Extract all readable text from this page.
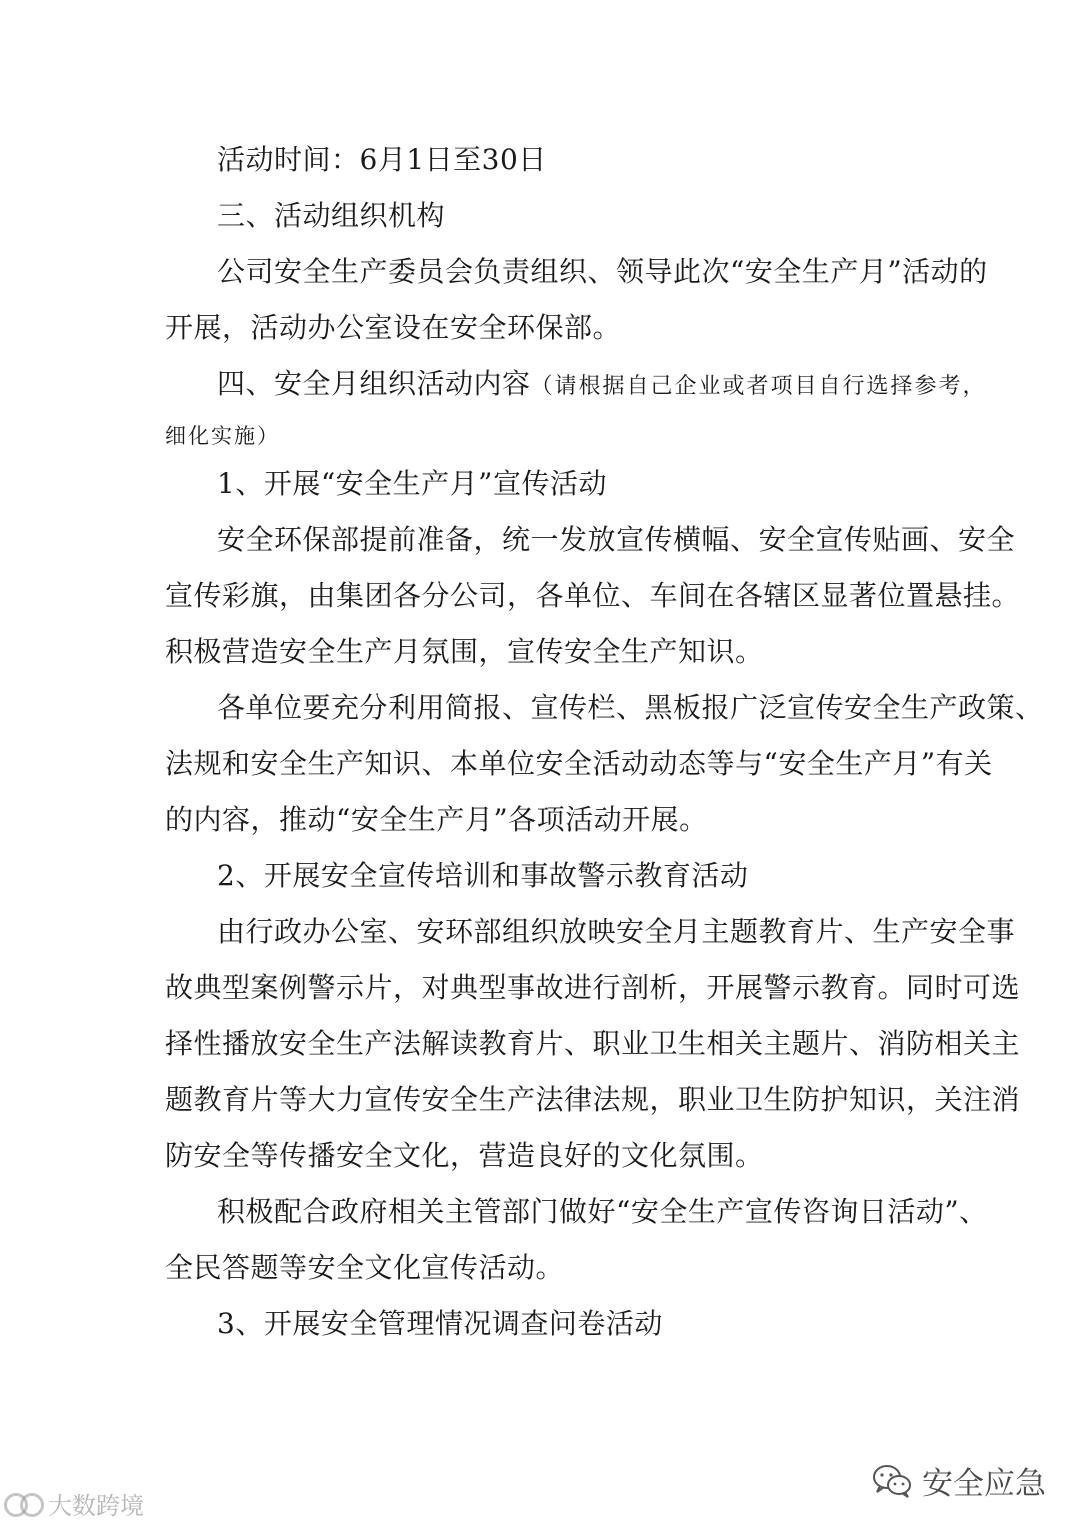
活动时间：6月1日至30日
三、活动组织机构
公司安全生产委员会负责组织、领导此次“安全生产月”活动的
开展，活动办公室设在安全环保部。
四、安全月组织活动内容（请根据自己企业或者项目自行选择参考，
细化实施）
1、开展“安全生产月”宣传活动
安全环保部提前准备，统一发放宣传横幅、安全宣传贴画、安全
宣传彩旗，由集团各分公司，各单位、车间在各辖区显著位置悬挂。
积极营造安全生产月氛围，宣传安全生产知识。
各单位要充分利用简报、宣传栏、黑板报广泛宣传安全生产政策、
法规和安全生产知识、本单位安全活动动态等与“安全生产月”有关
的内容，推动“安全生产月”各项活动开展。
2、开展安全宣传培训和事故警示教育活动
由行政办公室、安环部组织放映安全月主题教育片、生产安全事
故典型案例警示片，对典型事故进行剖析，开展警示教育。同时可选
择性播放安全生产法解读教育片、职业卫生相关主题片、消防相关主
题教育片等大力宣传安全生产法律法规，职业卫生防护知识，关注消
防安全等传播安全文化，营造良好的文化氛围。
积极配合政府相关主管部门做好“安全生产宣传咨询日活动”、
全民答题等安全文化宣传活动。
3、开展安全管理情况调查问卷活动
大数跨境
安全应急
